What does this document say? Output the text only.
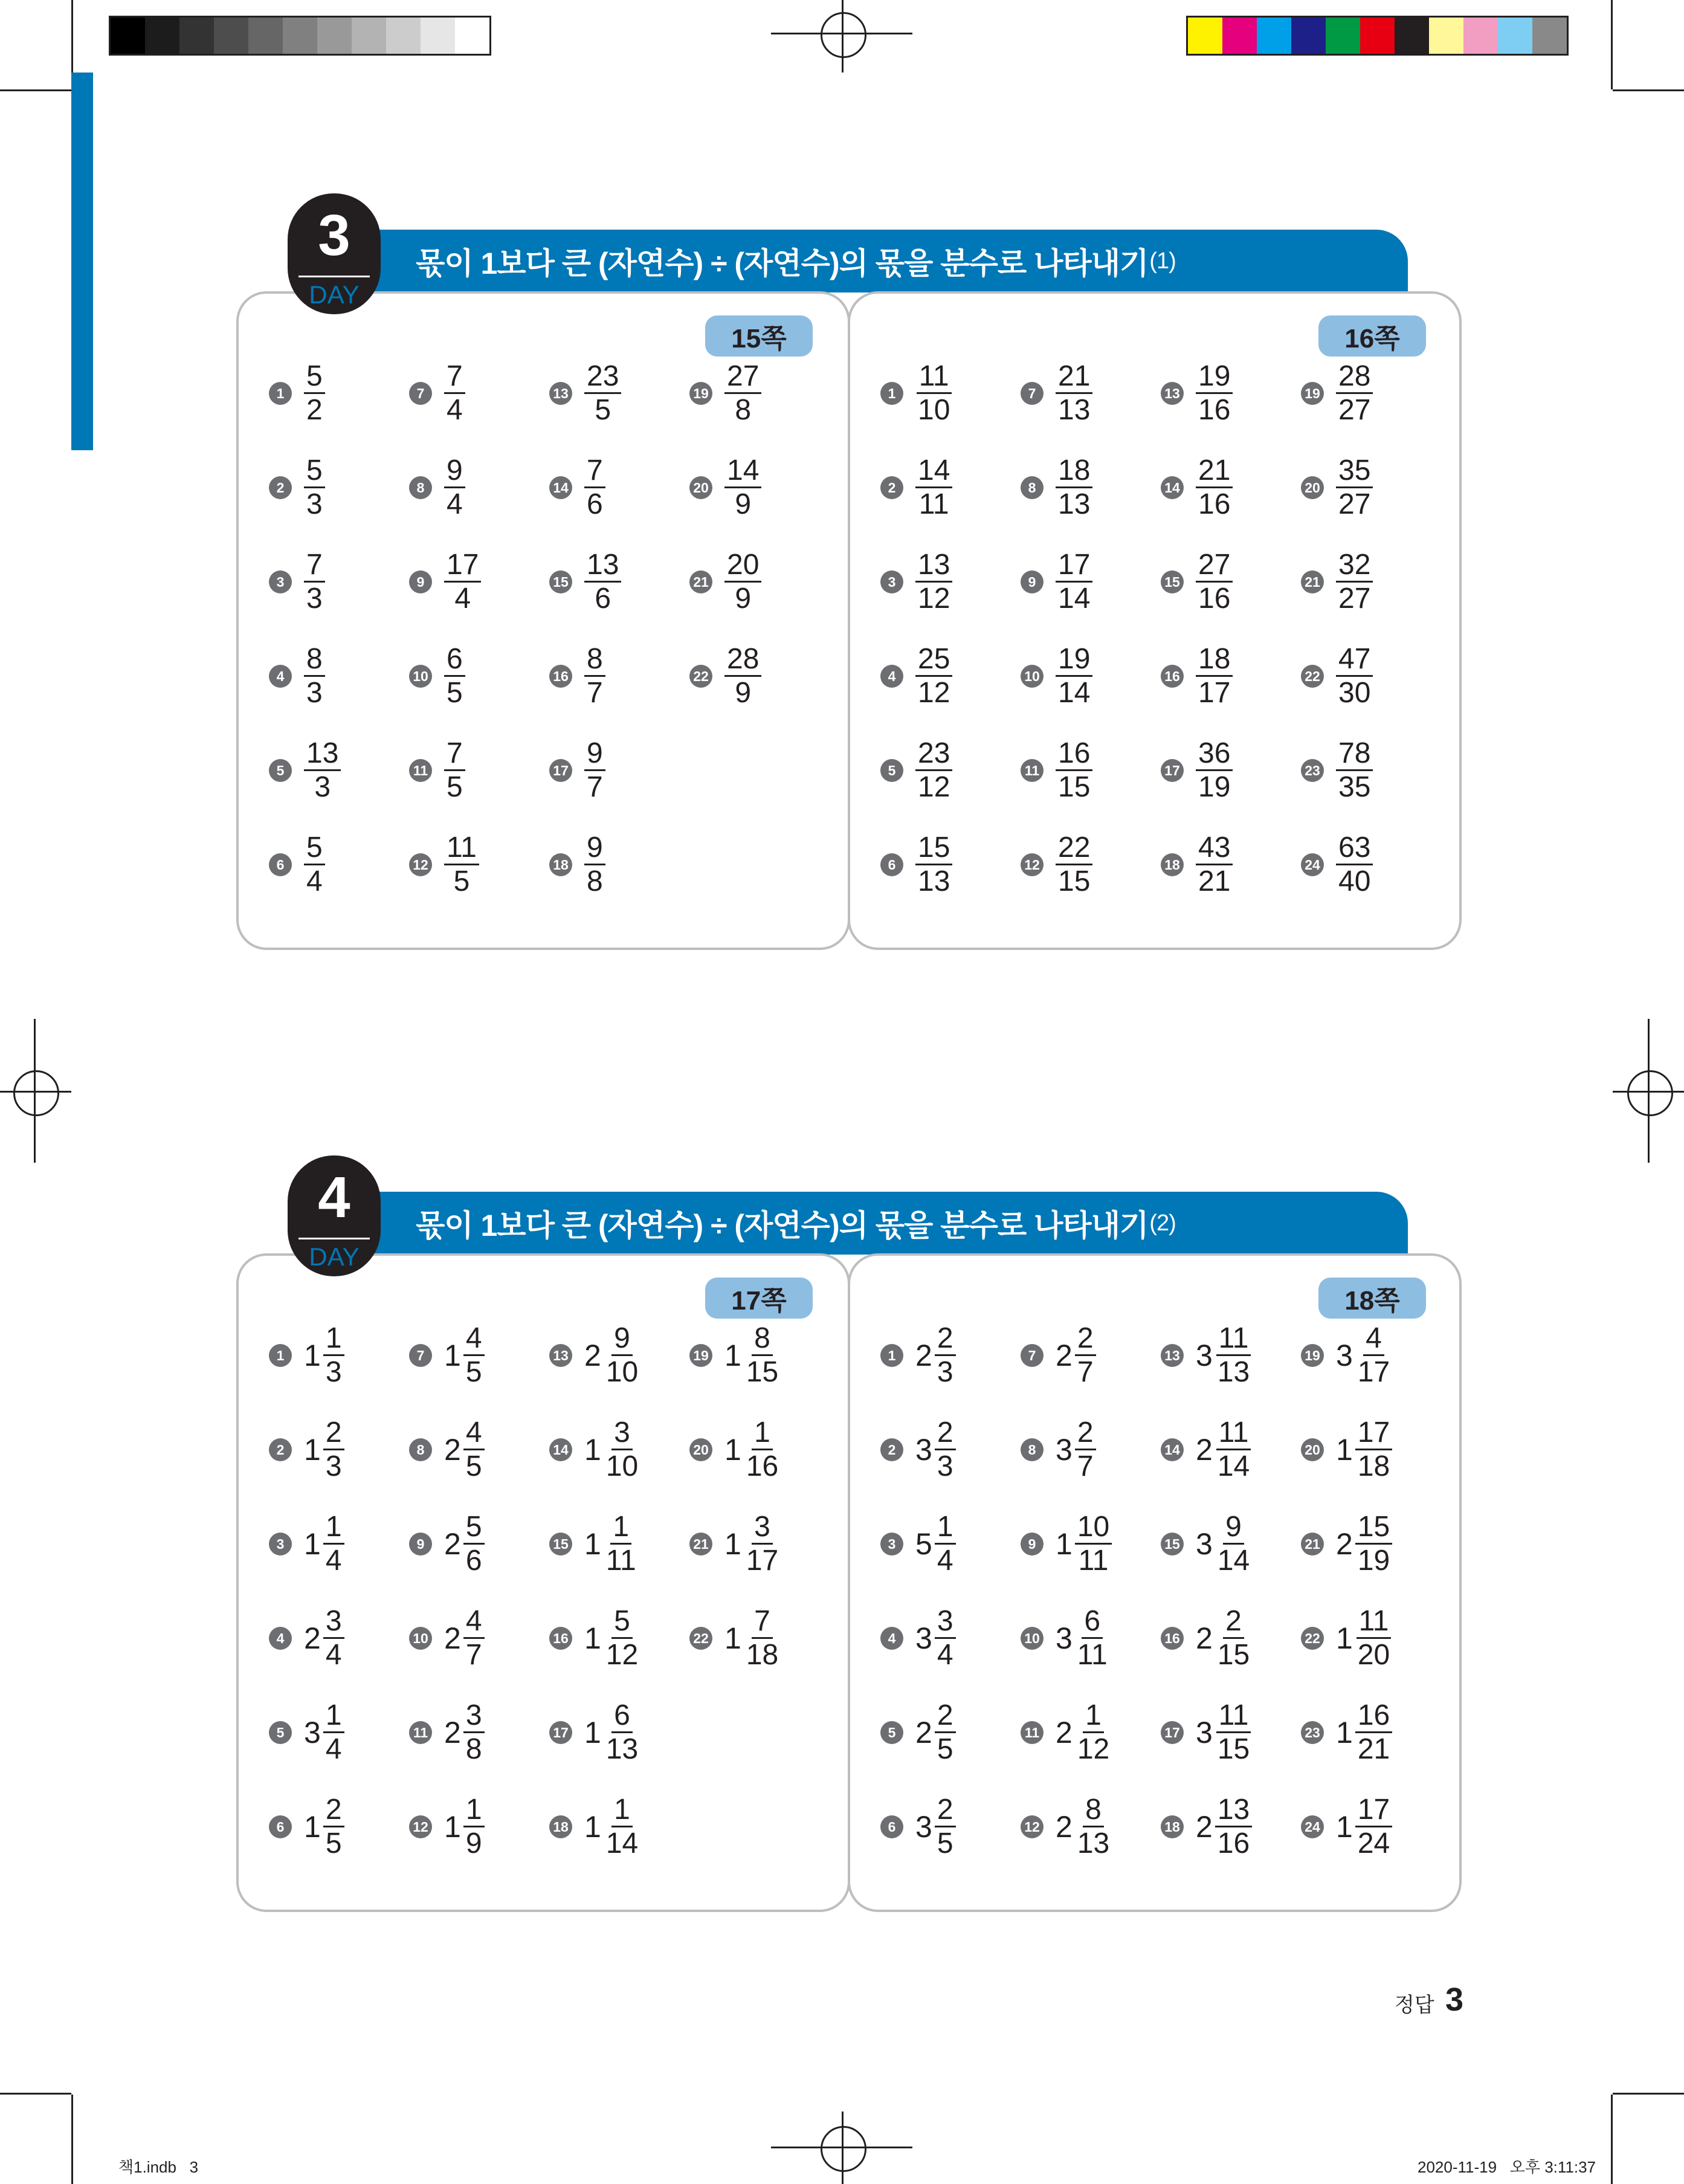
3
DAY
몫이 1보다 큰 (자연수) ÷ (자연수)의 몫을 분수로 나타내기 (1)
15쪽	16쪽
4
DAY
몫이 1보다 큰 (자연수) ÷ (자연수)의 몫을 분수로 나타내기 (2)
17쪽	18쪽
$1 \frac{5}{2}$
$2 \frac{5}{3}$
$3 \frac{7}{3}$
$4 \frac{8}{3}$
$5 \frac{13}{3}$
$6 \frac{5}{4}$
$7 \frac{7}{4}$
$8 \frac{9}{4}$
$9 \frac{17}{4}$
$10 \frac{6}{5}$
$11 \frac{7}{5}$
$12 \frac{11}{5}$
$13 \frac{23}{5}$
$14 \frac{7}{6}$
$15 \frac{13}{6}$
$16 \frac{8}{7}$
$17 \frac{9}{7}$
$18 \frac{9}{8}$
$19 \frac{27}{8}$
$20 \frac{14}{9}$
$21 \frac{20}{9}$
$22 \frac{28}{9}$
$1 \frac{11}{10}$
$2 \frac{14}{11}$
$3 \frac{13}{12}$
$4 \frac{25}{12}$
$5 \frac{23}{12}$
$6 \frac{15}{13}$
$7 \frac{21}{13}$
$8 \frac{18}{13}$
$9 \frac{17}{14}$
$10 \frac{19}{14}$
$11 \frac{16}{15}$
$12 \frac{22}{15}$
$13 \frac{19}{16}$
$14 \frac{21}{16}$
$15 \frac{27}{16}$
$16 \frac{18}{17}$
$17 \frac{36}{19}$
$18 \frac{43}{21}$
$19 \frac{28}{27}$
$20 \frac{35}{27}$
$21 \frac{32}{27}$
$22 \frac{47}{30}$
$23 \frac{78}{35}$
$24 \frac{63}{40}$
1 $1 \frac{1}{3}$
2 $1 \frac{2}{3}$
3 $1 \frac{1}{4}$
4 $2 \frac{3}{4}$
5 $3 \frac{1}{4}$
6 $1 \frac{2}{5}$
7 $1 \frac{4}{5}$
8 $2 \frac{4}{5}$
9 $2 \frac{5}{6}$
10 $2 \frac{4}{7}$
11 $2 \frac{3}{8}$
12 $1 \frac{1}{9}$
13 $2 \frac{9}{10}$
14 $1 \frac{3}{10}$
15 $1 \frac{1}{11}$
16 $1 \frac{5}{12}$
17 $1 \frac{6}{13}$
18 $1 \frac{1}{14}$
19 $1 \frac{8}{15}$
20 $1 \frac{1}{16}$
21 $1 \frac{3}{17}$
22 $1 \frac{7}{18}$
1 $2 \frac{2}{3}$
2 $3 \frac{2}{3}$
3 $5 \frac{1}{4}$
4 $3 \frac{3}{4}$
5 $2 \frac{2}{5}$
6 $3 \frac{2}{5}$
7 $2 \frac{2}{7}$
8 $3 \frac{2}{7}$
9 $1 \frac{10}{11}$
10 $3 \frac{6}{11}$
11 $2 \frac{1}{12}$
12 $2 \frac{8}{13}$
13 $3 \frac{11}{13}$
14 $2 \frac{11}{14}$
15 $3 \frac{9}{14}$
16 $2 \frac{2}{15}$
17 $3 \frac{11}{15}$
18 $2 \frac{13}{16}$
19 $3 \frac{4}{17}$
20 $1 \frac{17}{18}$
21 $2 \frac{15}{19}$
22 $1 \frac{11}{20}$
23 $1 \frac{16}{21}$
24 $1 \frac{17}{24}$
정답 3
책1.indb   3	2020-11-19   오후 3:11:37
